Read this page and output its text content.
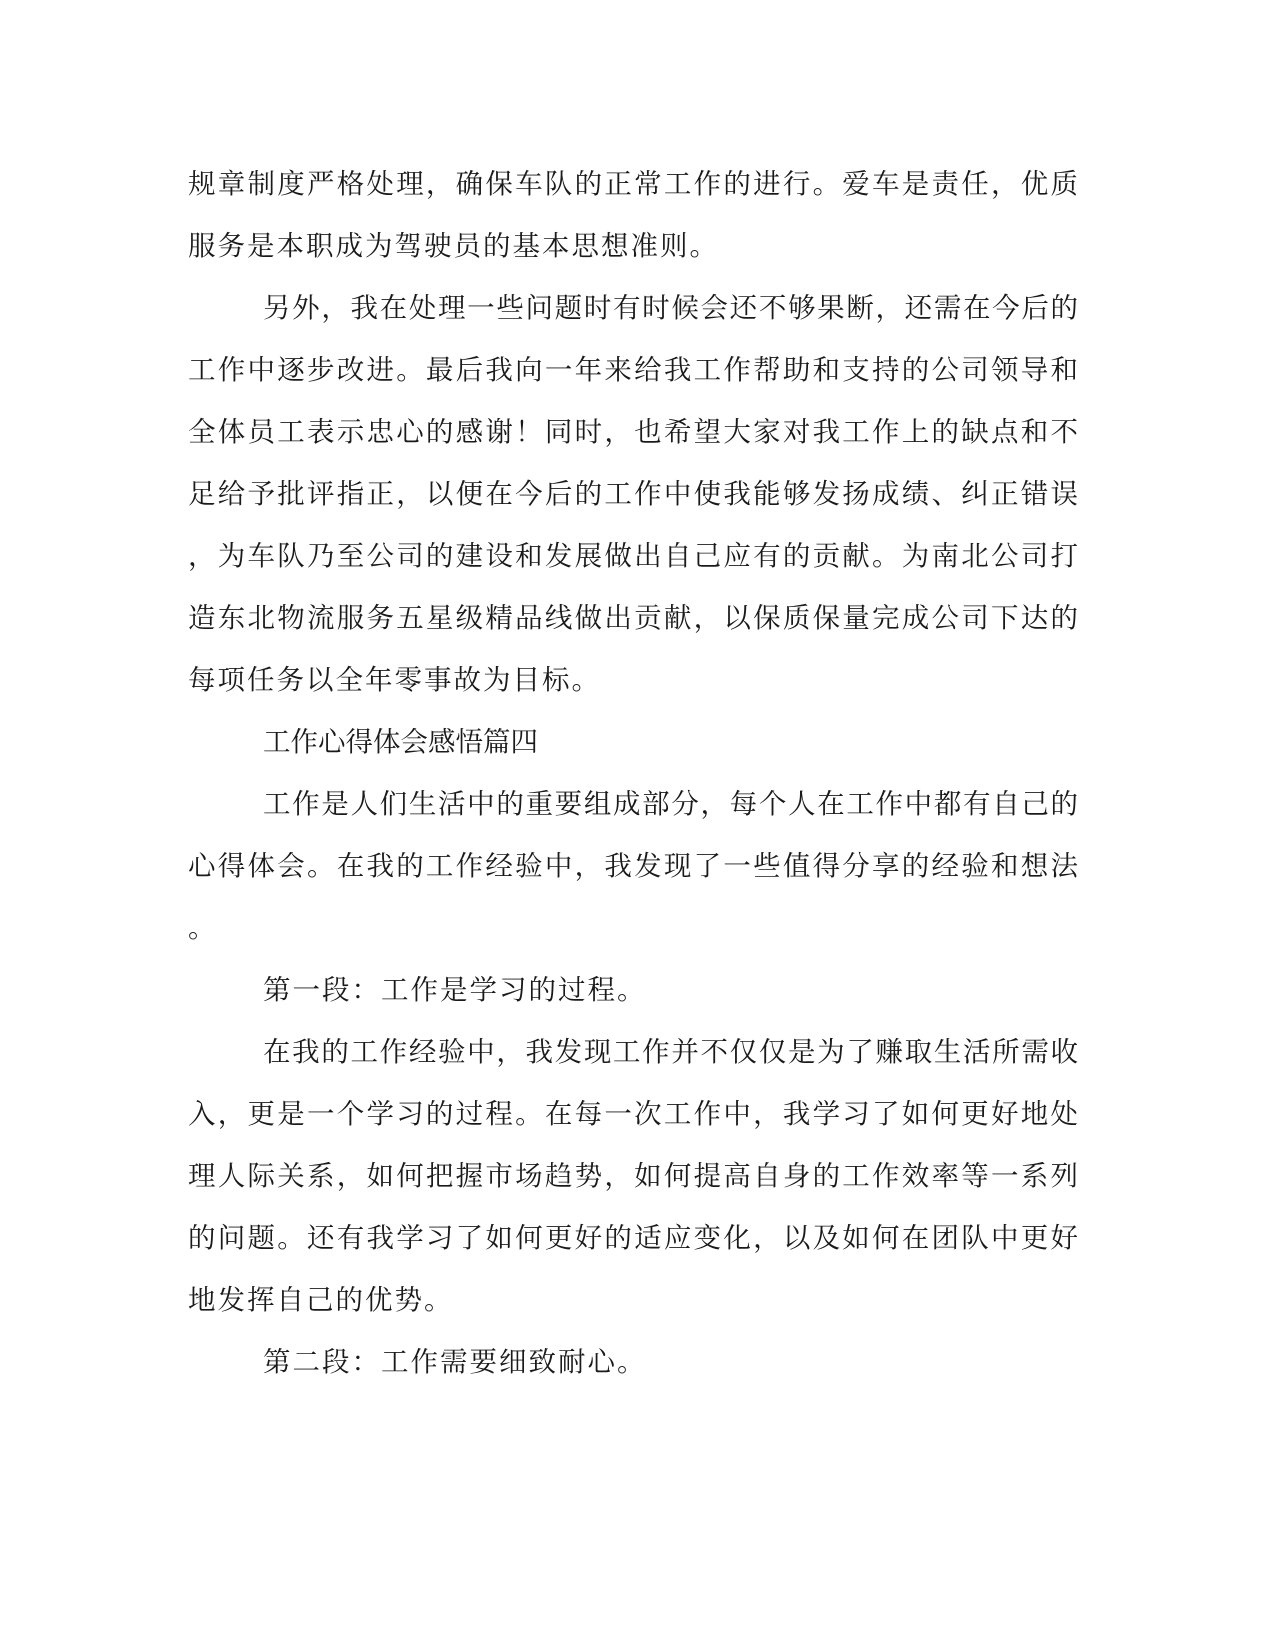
规章制度严格处理，确保车队的正常工作的进行。爱车是责任，优质
服务是本职成为驾驶员的基本思想准则。
另外，我在处理一些问题时有时候会还不够果断，还需在今后的
工作中逐步改进。最后我向一年来给我工作帮助和支持的公司领导和
全体员工表示忠心的感谢！同时，也希望大家对我工作上的缺点和不
足给予批评指正，以便在今后的工作中使我能够发扬成绩、纠正错误
，为车队乃至公司的建设和发展做出自己应有的贡献。为南北公司打
造东北物流服务五星级精品线做出贡献，以保质保量完成公司下达的
每项任务以全年零事故为目标。
工作心得体会感悟篇四
工作是人们生活中的重要组成部分，每个人在工作中都有自己的
心得体会。在我的工作经验中，我发现了一些值得分享的经验和想法
。
第一段：工作是学习的过程。
在我的工作经验中，我发现工作并不仅仅是为了赚取生活所需收
入，更是一个学习的过程。在每一次工作中，我学习了如何更好地处
理人际关系，如何把握市场趋势，如何提高自身的工作效率等一系列
的问题。还有我学习了如何更好的适应变化，以及如何在团队中更好
地发挥自己的优势。
第二段：工作需要细致耐心。
